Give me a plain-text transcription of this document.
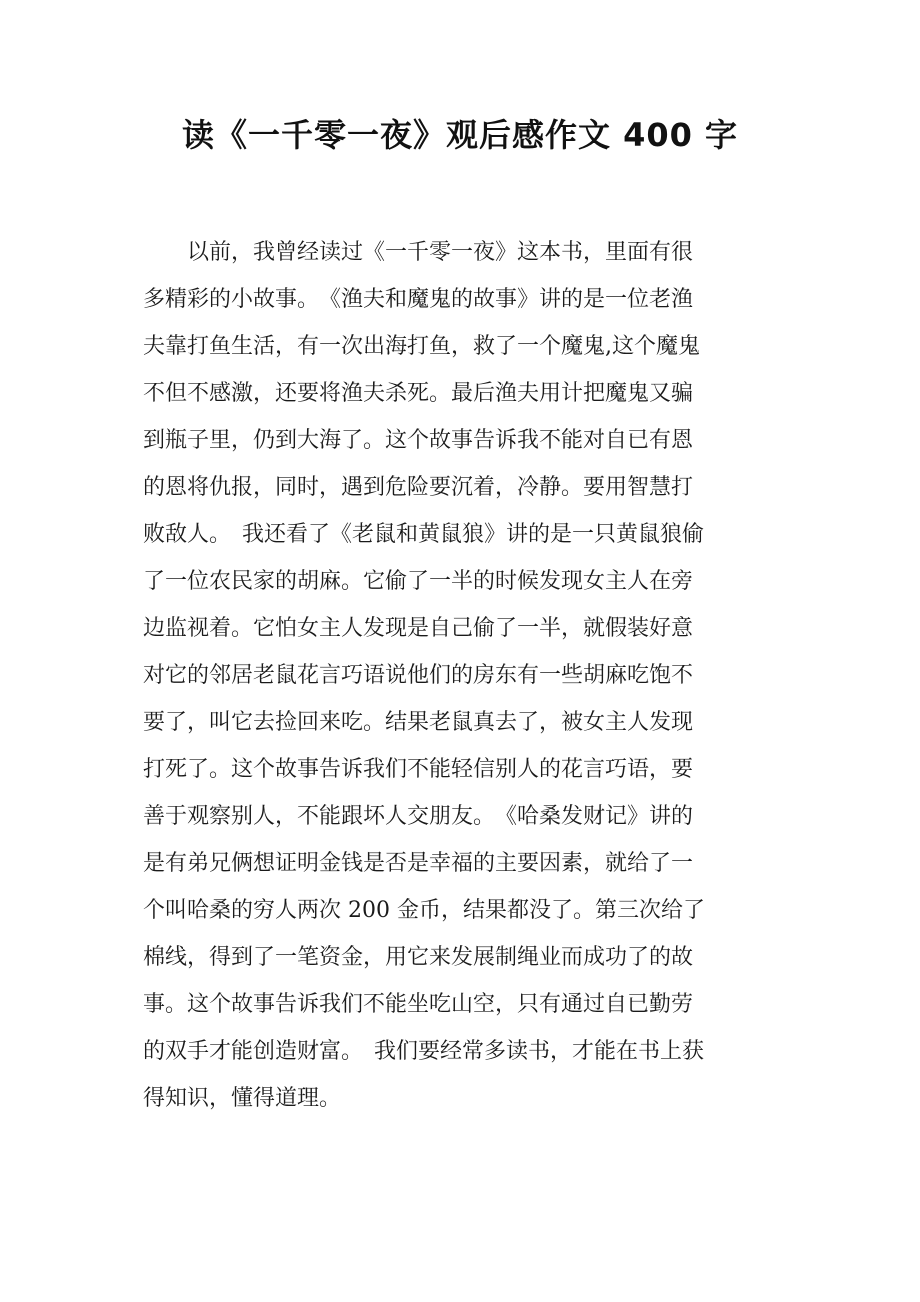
读《一千零一夜》观后感作文 400 字
以前，我曾经读过《一千零一夜》这本书，里面有很
多精彩的小故事。　《渔夫和魔鬼的故事》讲的是一位老渔
夫靠打鱼生活，有一次出海打鱼，救了一个魔鬼,这个魔鬼
不但不感激，还要将渔夫杀死。最后渔夫用计把魔鬼又骗
到瓶子里，仍到大海了。这个故事告诉我不能对自已有恩
的恩将仇报，同时，遇到危险要沉着，冷静。要用智慧打
败敌人。　我还看了《老鼠和黄鼠狼》讲的是一只黄鼠狼偷
了一位农民家的胡麻。它偷了一半的时候发现女主人在旁
边监视着。它怕女主人发现是自己偷了一半，就假装好意
对它的邻居老鼠花言巧语说他们的房东有一些胡麻吃饱不
要了，叫它去捡回来吃。结果老鼠真去了，被女主人发现
打死了。这个故事告诉我们不能轻信别人的花言巧语，要
善于观察别人，不能跟坏人交朋友。　《哈桑发财记》讲的
是有弟兄俩想证明金钱是否是幸福的主要因素，就给了一
个叫哈桑的穷人两次 200 金币，结果都没了。第三次给了
棉线，得到了一笔资金，用它来发展制绳业而成功了的故
事。这个故事告诉我们不能坐吃山空，只有通过自已勤劳
的双手才能创造财富。　我们要经常多读书，才能在书上获
得知识，懂得道理。
